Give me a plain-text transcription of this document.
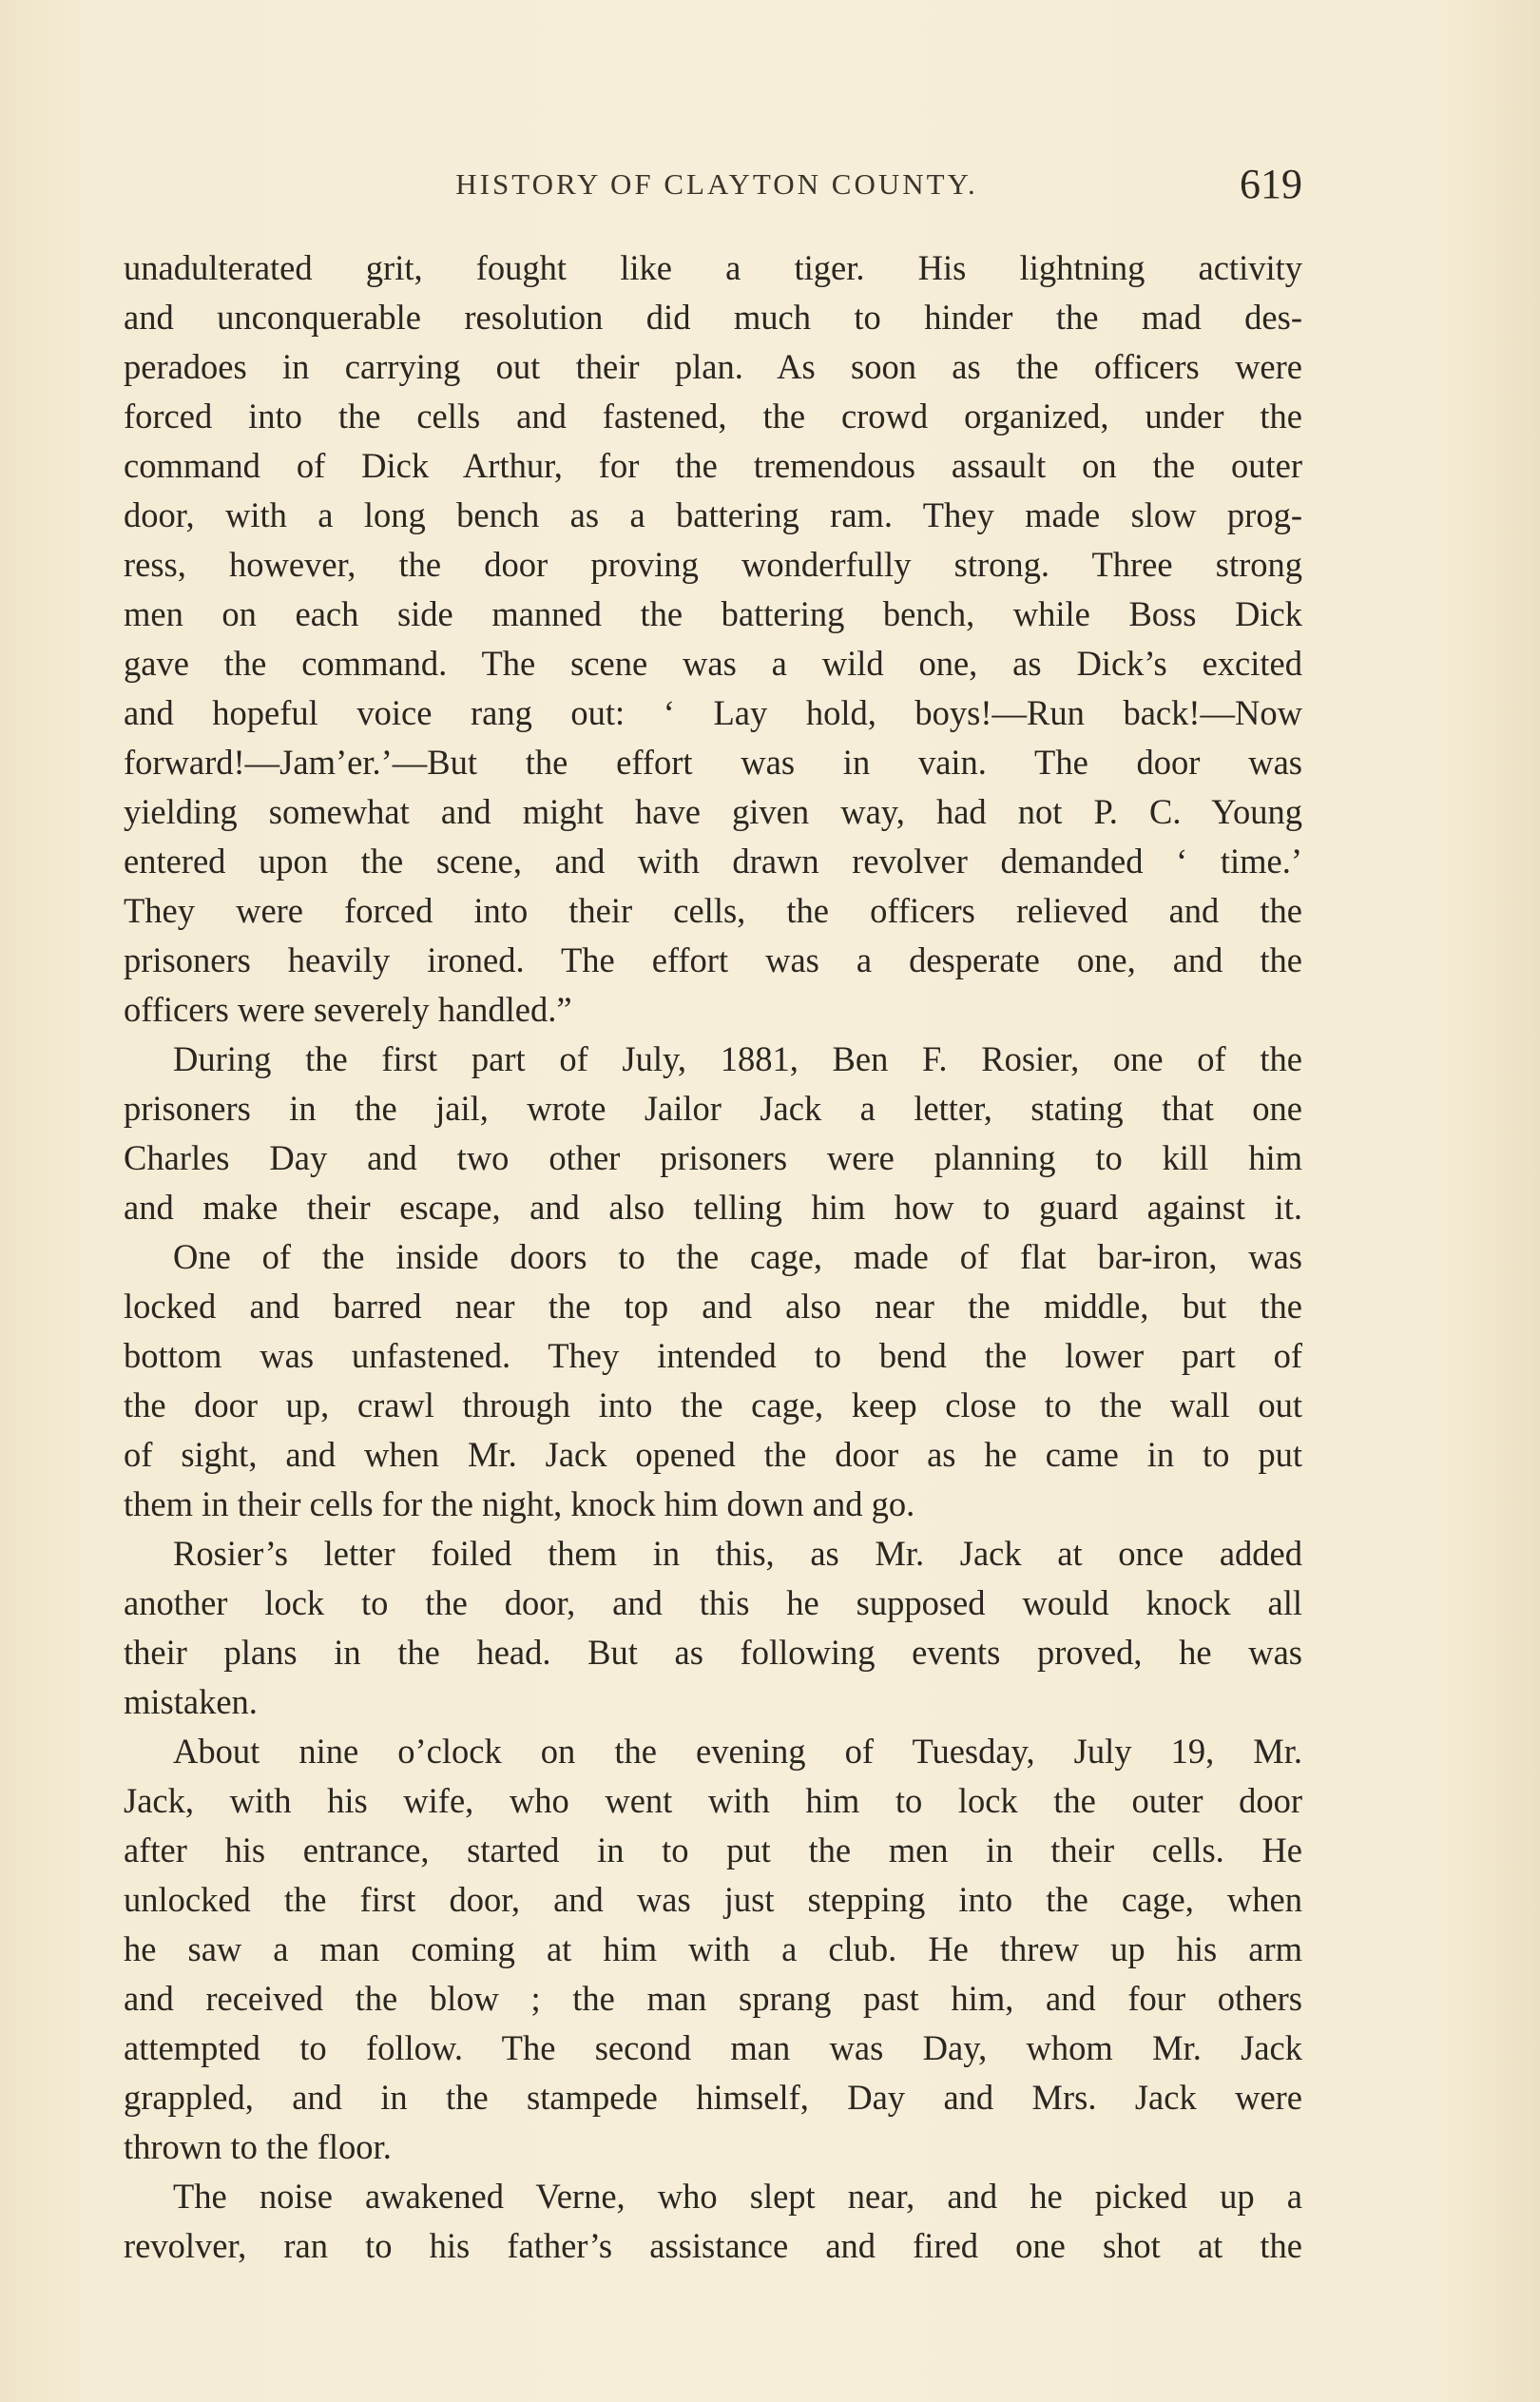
HISTORY OF CLAYTON COUNTY.	619
unadulterated grit, fought like a tiger. His lightning activity
and unconquerable resolution did much to hinder the mad des-
peradoes in carrying out their plan. As soon as the officers were
forced into the cells and fastened, the crowd organized, under the
command of Dick Arthur, for the tremendous assault on the outer
door, with a long bench as a battering ram. They made slow prog-
ress, however, the door proving wonderfully strong. Three strong
men on each side manned the battering bench, while Boss Dick
gave the command. The scene was a wild one, as Dick’s excited
and hopeful voice rang out: ‘ Lay hold, boys!—Run back!—Now
forward!—Jam’er.’—But the effort was in vain. The door was
yielding somewhat and might have given way, had not P. C. Young
entered upon the scene, and with drawn revolver demanded ‘ time.’
They were forced into their cells, the officers relieved and the
prisoners heavily ironed. The effort was a desperate one, and the
officers were severely handled.”
During the first part of July, 1881, Ben F. Rosier, one of the
prisoners in the jail, wrote Jailor Jack a letter, stating that one
Charles Day and two other prisoners were planning to kill him
and make their escape, and also telling him how to guard against it.
One of the inside doors to the cage, made of flat bar-iron, was
locked and barred near the top and also near the middle, but the
bottom was unfastened. They intended to bend the lower part of
the door up, crawl through into the cage, keep close to the wall out
of sight, and when Mr. Jack opened the door as he came in to put
them in their cells for the night, knock him down and go.
Rosier’s letter foiled them in this, as Mr. Jack at once added
another lock to the door, and this he supposed would knock all
their plans in the head. But as following events proved, he was
mistaken.
About nine o’clock on the evening of Tuesday, July 19, Mr.
Jack, with his wife, who went with him to lock the outer door
after his entrance, started in to put the men in their cells. He
unlocked the first door, and was just stepping into the cage, when
he saw a man coming at him with a club. He threw up his arm
and received the blow ; the man sprang past him, and four others
attempted to follow. The second man was Day, whom Mr. Jack
grappled, and in the stampede himself, Day and Mrs. Jack were
thrown to the floor.
The noise awakened Verne, who slept near, and he picked up a
revolver, ran to his father’s assistance and fired one shot at the
